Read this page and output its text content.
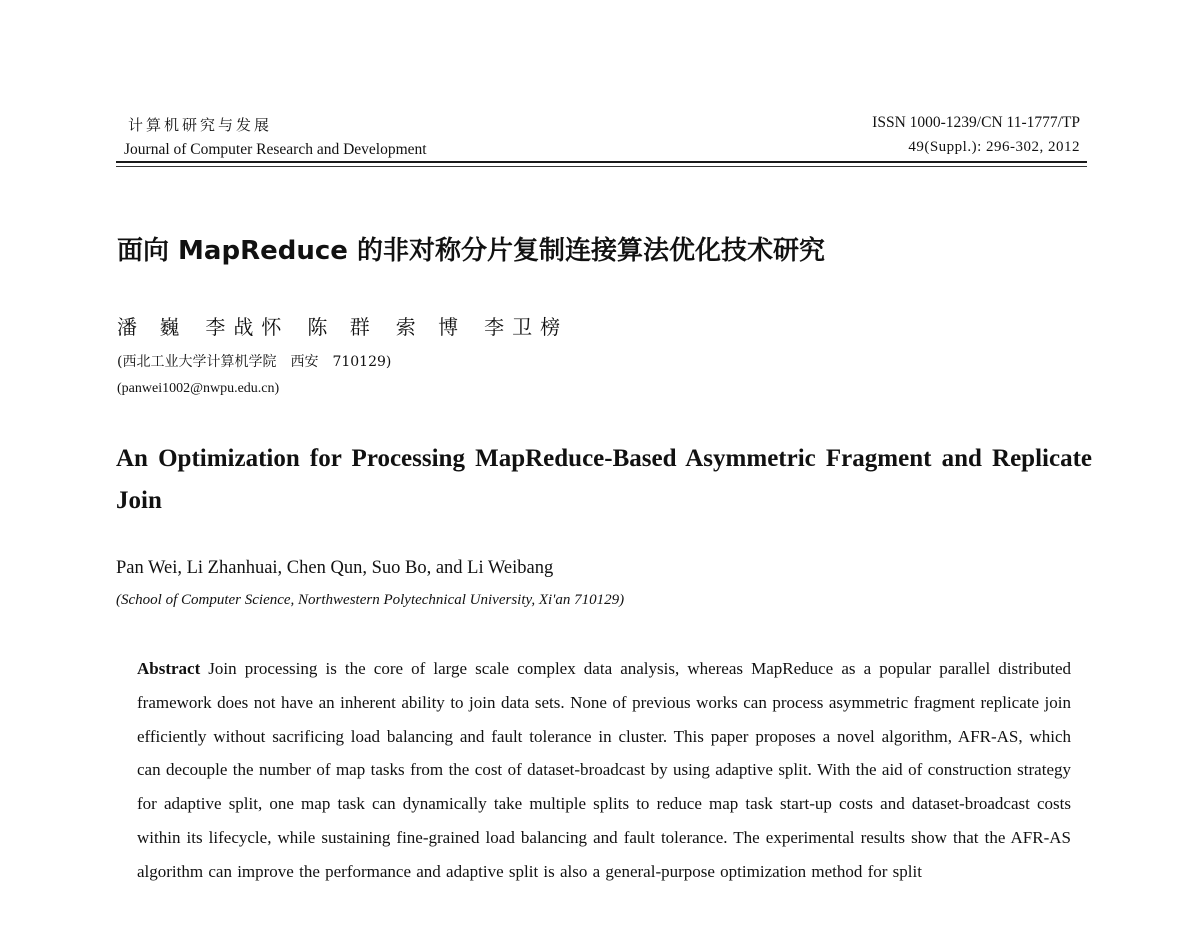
计算机研究与发展
Journal of Computer Research and Development
ISSN 1000-1239/CN 11-1777/TP
49(Suppl.): 296-302, 2012
面向 MapReduce 的非对称分片复制连接算法优化技术研究
潘 巍 李战怀 陈 群 索 博 李卫榜
(西北工业大学计算机学院　西安　710129)
(panwei1002@nwpu.edu.cn)
An Optimization for Processing MapReduce-Based Asymmetric Fragment and Replicate Join
Pan Wei, Li Zhanhuai, Chen Qun, Suo Bo, and Li Weibang
(School of Computer Science, Northwestern Polytechnical University, Xi'an 710129)
Abstract Join processing is the core of large scale complex data analysis, whereas MapReduce as a popular parallel distributed framework does not have an inherent ability to join data sets. None of previous works can process asymmetric fragment replicate join efficiently without sacrificing load balancing and fault tolerance in cluster. This paper proposes a novel algorithm, AFR-AS, which can decouple the number of map tasks from the cost of dataset-broadcast by using adaptive split. With the aid of construction strategy for adaptive split, one map task can dynamically take multiple splits to reduce map task start-up costs and dataset-broadcast costs within its lifecycle, while sustaining fine-grained load balancing and fault tolerance. The experimental results show that the AFR-AS algorithm can improve the performance and adaptive split is also a general-purpose optimization method for split
